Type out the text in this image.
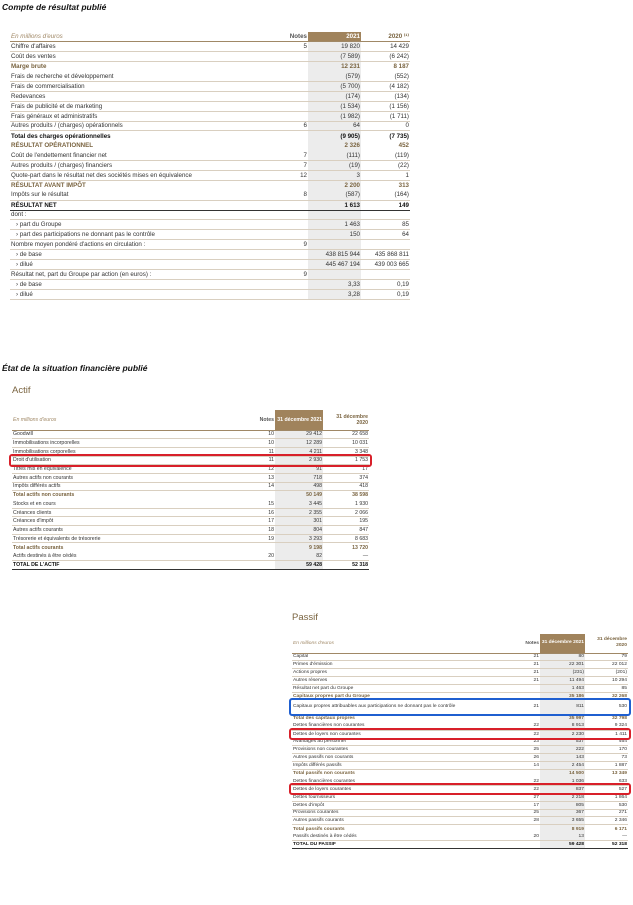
Compte de résultat publié
En millions d'euros	Notes	2021	2020 ⁽¹⁾
Chiffre d'affaires	5	19 820	14 429
Coût des ventes		(7 589)	(6 242)
Marge brute		12 231	8 187
Frais de recherche et développement		(579)	(552)
Frais de commercialisation		(5 700)	(4 182)
Redevances		(174)	(134)
Frais de publicité et de marketing		(1 534)	(1 156)
Frais généraux et administratifs		(1 982)	(1 711)
Autres produits / (charges) opérationnels	6	64	0
Total des charges opérationnelles		(9 905)	(7 735)
RÉSULTAT OPÉRATIONNEL		2 326	452
Coût de l'endettement financier net	7	(111)	(119)
Autres produits / (charges) financiers	7	(19)	(22)
Quote-part dans le résultat net des sociétés mises en équivalence	12	3	1
RÉSULTAT AVANT IMPÔT		2 200	313
Impôts sur le résultat	8	(587)	(164)
RÉSULTAT NET		1 613	149
dont :			
› part du Groupe		1 463	85
› part des participations ne donnant pas le contrôle		150	64
Nombre moyen pondéré d'actions en circulation :	9		
› de base		438 815 944	435 868 811
› dilué		445 467 194	439 003 665
Résultat net, part du Groupe par action (en euros) :	9		
› de base		3,33	0,19
› dilué		3,28	0,19
État de la situation financière publié
Actif
En millions d'euros	Notes	31 décembre 2021	31 décembre 2020
Goodwill	10	29 412	22 658
Immobilisations incorporelles	10	12 289	10 031
Immobilisations corporelles	11	4 211	3 348
Droit d'utilisation	11	2 930	1 753
Titres mis en équivalence	12	91	17
Autres actifs non courants	13	718	374
Impôts différés actifs	14	498	418
Total actifs non courants		50 149	38 598
Stocks et en cours	15	3 445	1 930
Créances clients	16	2 355	2 066
Créances d'impôt	17	301	195
Autres actifs courants	18	804	847
Trésorerie et équivalents de trésorerie	19	3 293	8 683
Total actifs courants		9 198	13 720
Actifs destinés à être cédés	20	82	—
TOTAL DE L'ACTIF		59 428	52 318
Passif
En millions d'euros	Notes	31 décembre 2021	31 décembre 2020
Capital	21	80	79
Primes d'émission	21	22 301	22 012
Actions propres	21	(231)	(201)
Autres réserves	21	11 494	10 294
Résultat net part du Groupe		1 463	85
Capitaux propres part du Groupe		35 186	32 268
Capitaux propres attribuables aux participations ne donnant pas le contrôle	21	811	530
Total des capitaux propres		35 997	32 798
Dettes financières non courantes	22	8 913	9 324
Dettes de loyers non courantes	22	2 230	1 411
Avantages au personnel	23	537	464
Provisions non courantes	25	222	170
Autres passifs non courants	26	143	73
Impôts différés passifs	14	2 454	1 887
Total passifs non courants		14 500	13 349
Dettes financières courantes	22	1 036	633
Dettes de loyers courantes	22	837	527
Dettes fournisseurs	27	2 218	1 864
Dettes d'impôt	17	805	530
Provisions courantes	25	367	271
Autres passifs courants	28	3 655	2 346
Total passifs courants		8 919	6 171
Passifs destinés à être cédés	20	13	—
TOTAL DU PASSIF		59 428	52 318
